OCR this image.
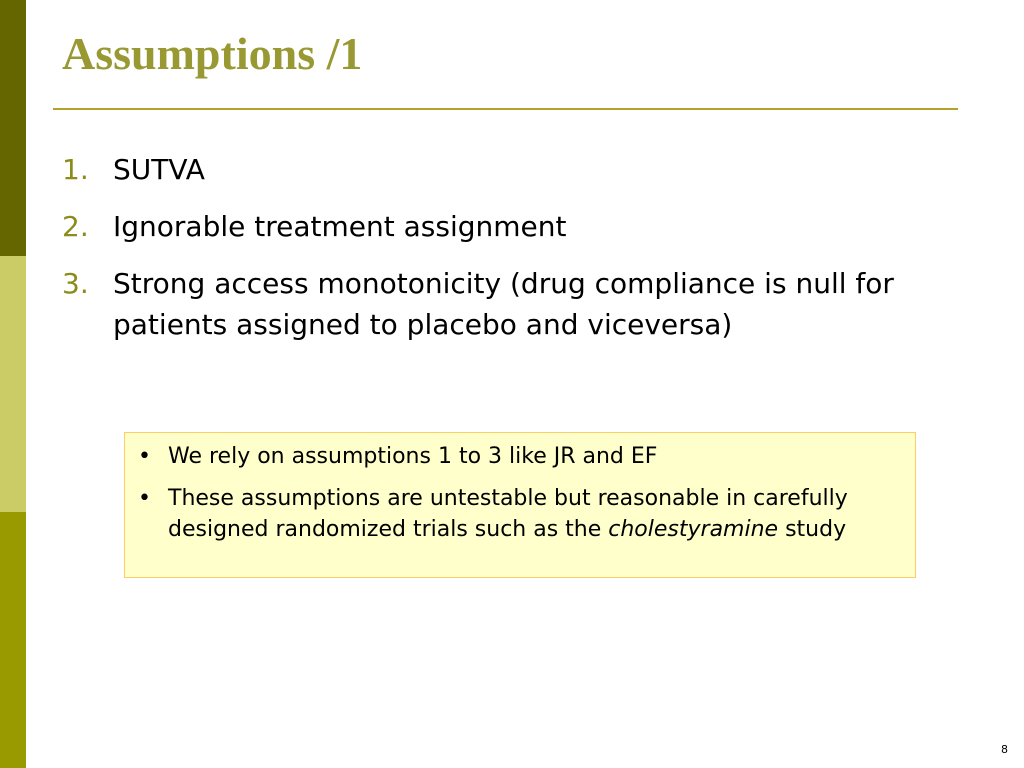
Assumptions /1
1. SUTVA
2. Ignorable treatment assignment
3. Strong access monotonicity (drug compliance is null for patients assigned to placebo and viceversa)
• We rely on assumptions 1 to 3 like JR and EF
• These assumptions are untestable but reasonable in carefully designed randomized trials such as the cholestyramine study
8
